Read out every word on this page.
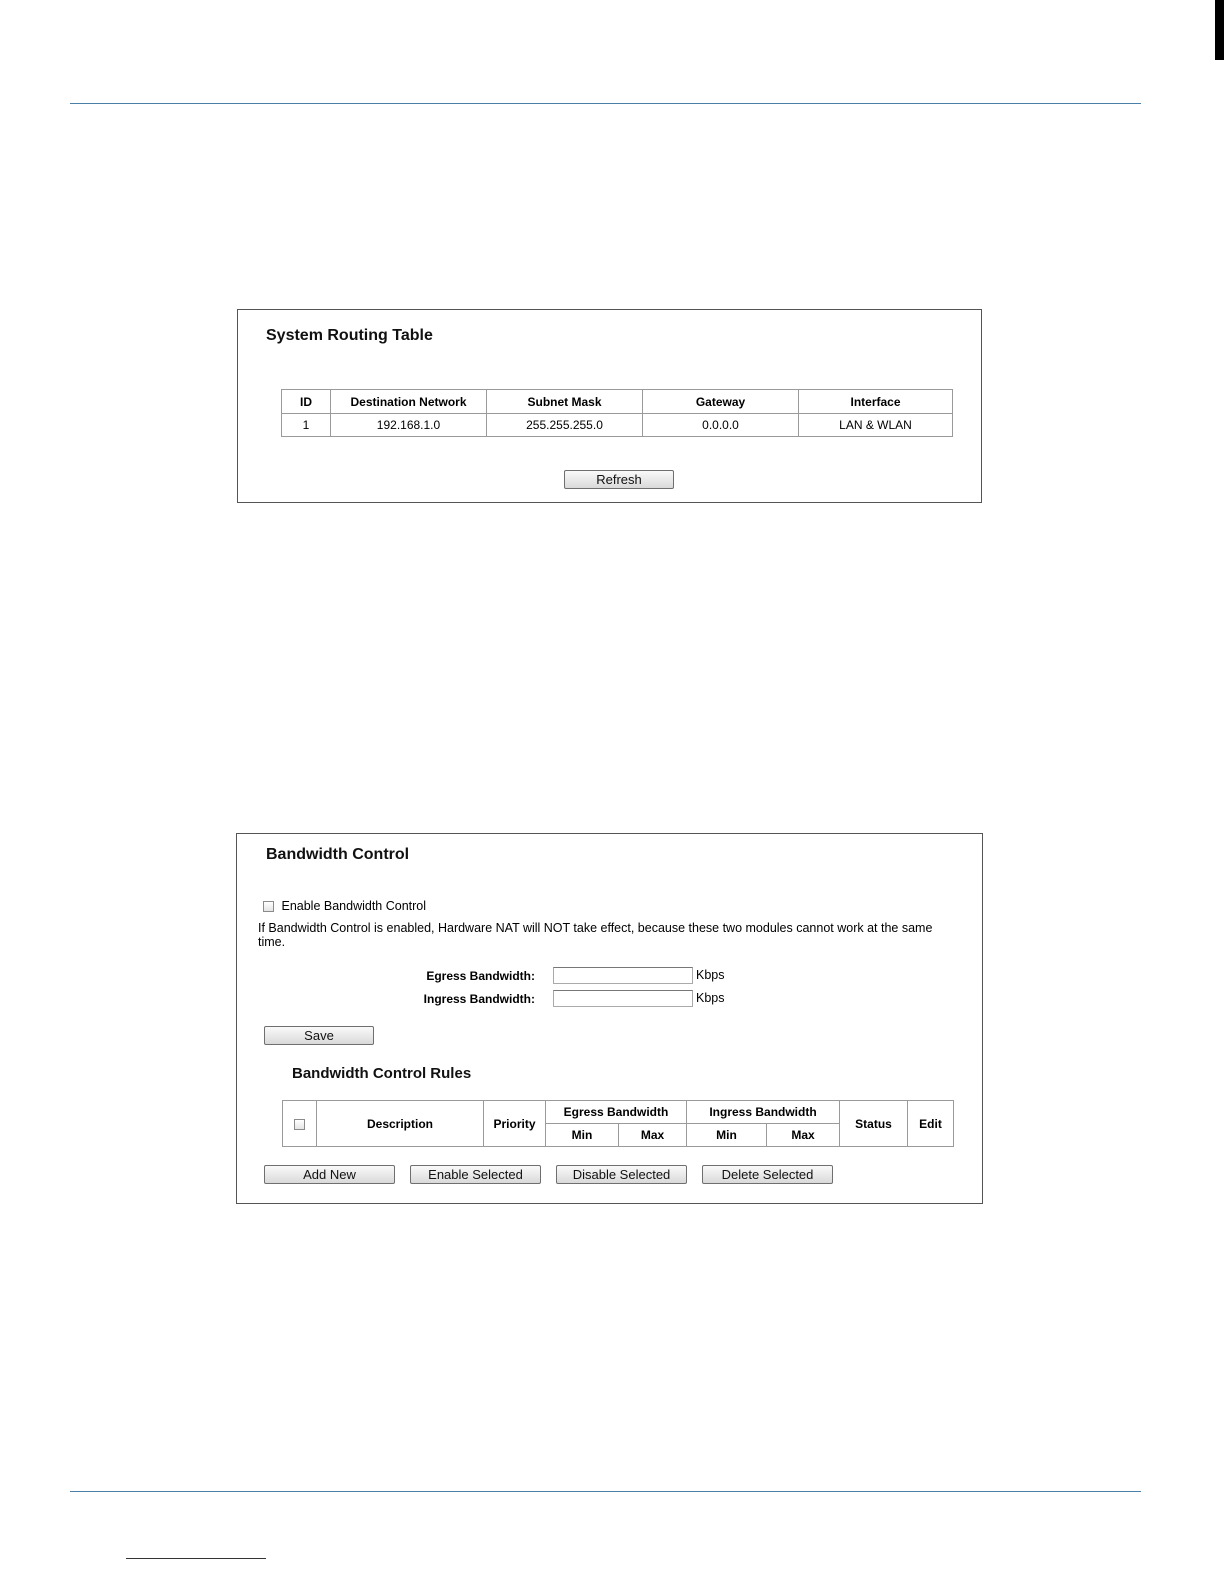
System Routing Table
ID	Destination Network	Subnet Mask	Gateway	Interface
1	192.168.1.0	255.255.255.0	0.0.0.0	LAN & WLAN
Refresh
Bandwidth Control
Enable Bandwidth Control
If Bandwidth Control is enabled, Hardware NAT will NOT take effect, because these two modules cannot work at the same time.
Egress Bandwidth:	Kbps
Ingress Bandwidth:	Kbps
Save
Bandwidth Control Rules
	Description	Priority	Egress Bandwidth		Ingress Bandwidth		Status	Edit
			Min	Max	Min	Max		
Add New	Enable Selected	Disable Selected	Delete Selected
